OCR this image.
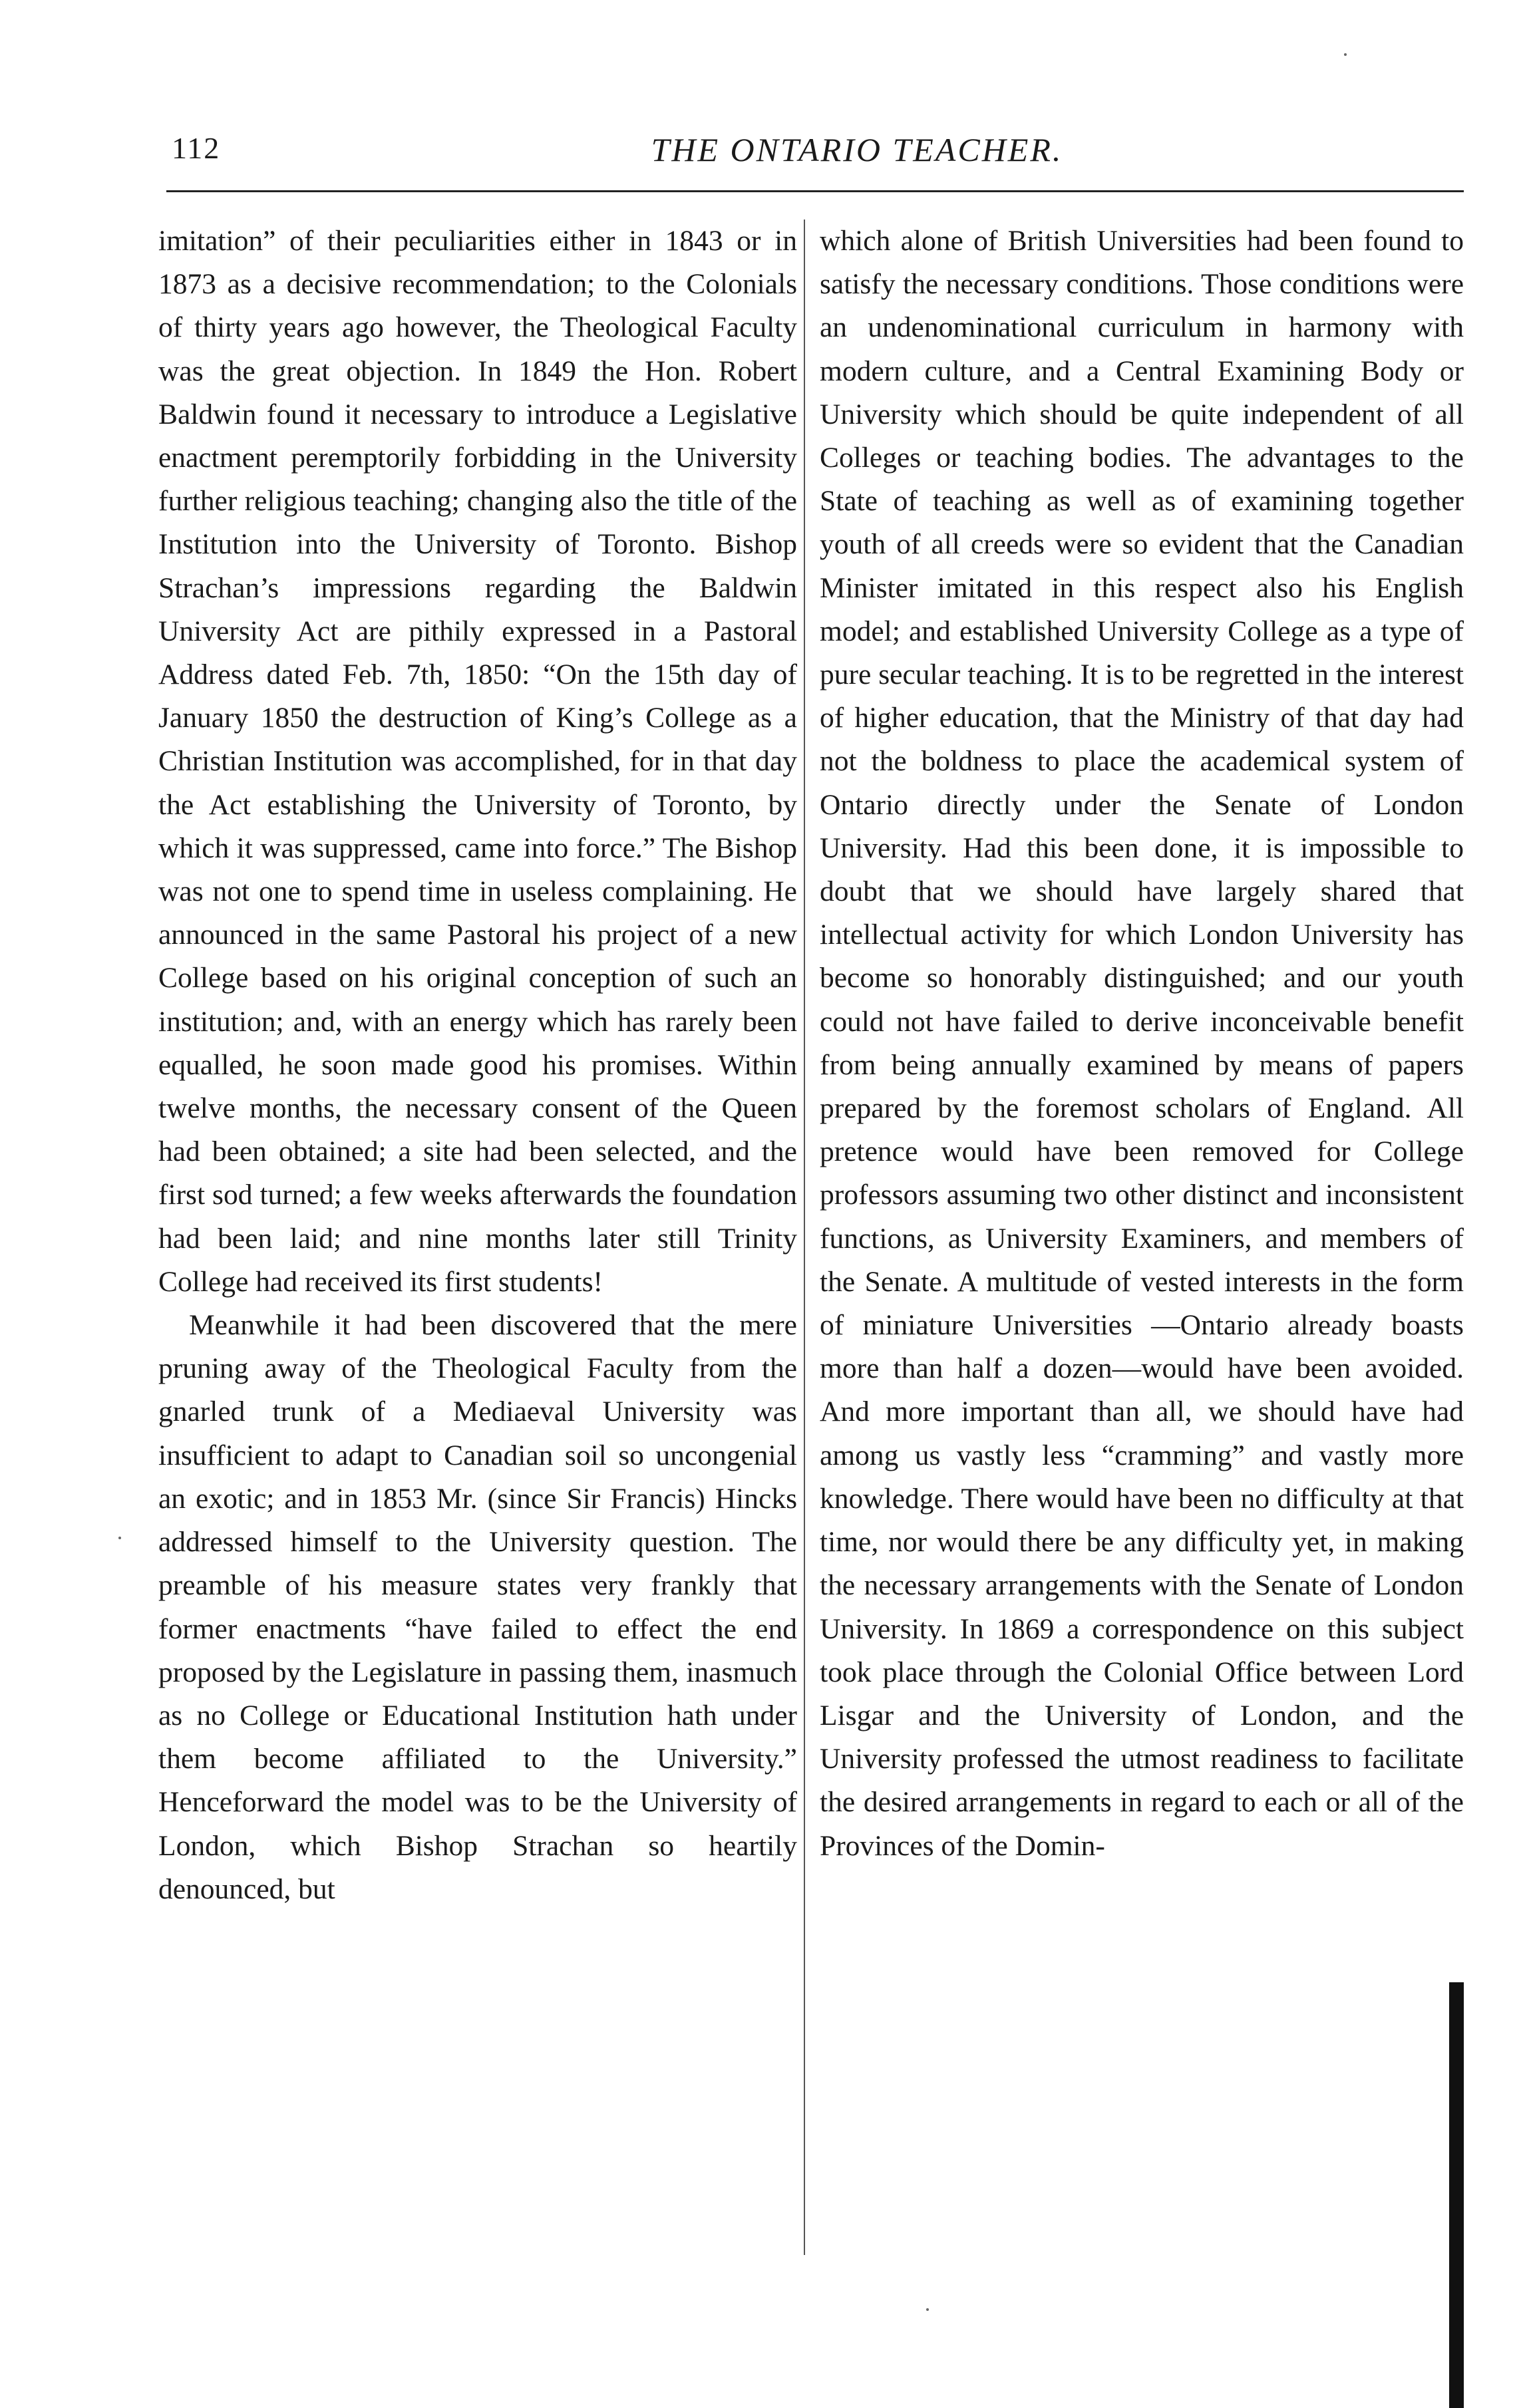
112	THE ONTARIO TEACHER.

imitation” of their peculiarities either in 1843 or in 1873 as a decisive recommendation; to the Colonials of thirty years ago however, the Theological Faculty was the great objection. In 1849 the Hon. Robert Baldwin found it necessary to introduce a Legislative enactment peremptorily forbidding in the University further religious teaching; changing also the title of the Institution into the University of Toronto. Bishop Strachan’s impressions regarding the Baldwin University Act are pithily expressed in a Pastoral Address dated Feb. 7th, 1850: “On the 15th day of January 1850 the destruction of King’s College as a Christian Institution was accomplished, for in that day the Act establishing the University of Toronto, by which it was suppressed, came into force.” The Bishop was not one to spend time in useless complaining. He announced in the same Pastoral his project of a new College based on his original conception of such an institution; and, with an energy which has rarely been equalled, he soon made good his promises. Within twelve months, the necessary consent of the Queen had been obtained; a site had been selected, and the first sod turned; a few weeks afterwards the foundation had been laid; and nine months later still Trinity College had received its first students!

Meanwhile it had been discovered that the mere pruning away of the Theological Faculty from the gnarled trunk of a Mediaeval University was insufficient to adapt to Canadian soil so uncongenial an exotic; and in 1853 Mr. (since Sir Francis) Hincks addressed himself to the University question. The preamble of his measure states very frankly that former enactments “have failed to effect the end proposed by the Legislature in passing them, inasmuch as no College or Educational Institution hath under them become affiliated to the University.” Henceforward the model was to be the University of London, which Bishop Strachan so heartily denounced, but

which alone of British Universities had been found to satisfy the necessary conditions. Those conditions were an undenominational curriculum in harmony with modern culture, and a Central Examining Body or University which should be quite independent of all Colleges or teaching bodies. The advantages to the State of teaching as well as of examining together youth of all creeds were so evident that the Canadian Minister imitated in this respect also his English model; and established University College as a type of pure secular teaching. It is to be regretted in the interest of higher education, that the Ministry of that day had not the boldness to place the academical system of Ontario directly under the Senate of London University. Had this been done, it is impossible to doubt that we should have largely shared that intellectual activity for which London University has become so honorably distinguished; and our youth could not have failed to derive inconceivable benefit from being annually examined by means of papers prepared by the foremost scholars of England. All pretence would have been removed for College professors assuming two other distinct and inconsistent functions, as University Examiners, and members of the Senate. A multitude of vested interests in the form of miniature Universities —Ontario already boasts more than half a dozen—would have been avoided. And more important than all, we should have had among us vastly less “cramming” and vastly more knowledge. There would have been no difficulty at that time, nor would there be any difficulty yet, in making the necessary arrangements with the Senate of London University. In 1869 a correspondence on this subject took place through the Colonial Office between Lord Lisgar and the University of London, and the University professed the utmost readiness to facilitate the desired arrangements in regard to each or all of the Provinces of the Domin-
